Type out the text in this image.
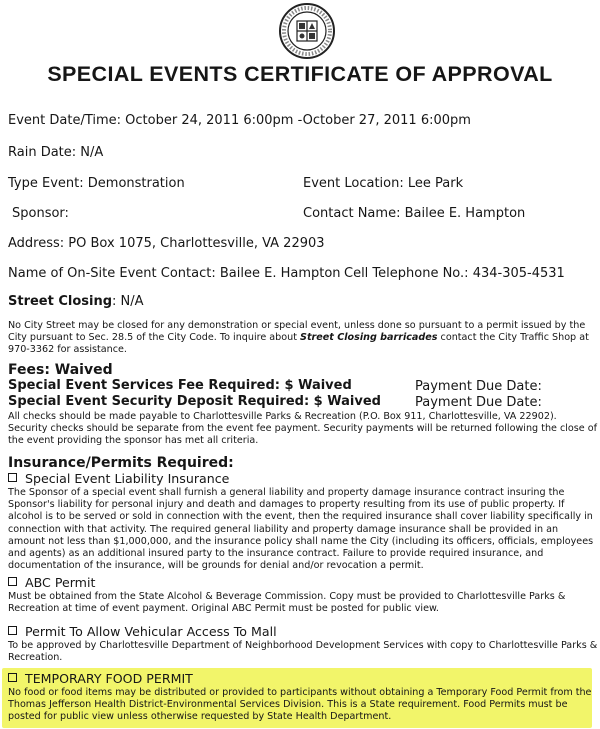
SPECIAL EVENTS CERTIFICATE OF APPROVAL
Event Date/Time: October 24, 2011 6:00pm -October 27, 2011 6:00pm
Rain Date: N/A
Type Event: Demonstration	Event Location: Lee Park
Sponsor:	Contact Name: Bailee E. Hampton
Address: PO Box 1075, Charlottesville, VA 22903
Name of On-Site Event Contact: Bailee E. Hampton Cell Telephone No.: 434-305-4531
Street Closing: N/A
No City Street may be closed for any demonstration or special event, unless done so pursuant to a permit issued by the City pursuant to Sec. 28.5 of the City Code. To inquire about Street Closing barricades contact the City Traffic Shop at 970-3362 for assistance.
Fees: Waived
Special Event Services Fee Required: $ Waived	Payment Due Date:
Special Event Security Deposit Required: $ Waived	Payment Due Date:
All checks should be made payable to Charlottesville Parks & Recreation (P.O. Box 911, Charlottesville, VA 22902). Security checks should be separate from the event fee payment. Security payments will be returned following the close of the event providing the sponsor has met all criteria.
Insurance/Permits Required:
Special Event Liability Insurance
The Sponsor of a special event shall furnish a general liability and property damage insurance contract insuring the Sponsor's liability for personal injury and death and damages to property resulting from its use of public property. If alcohol is to be served or sold in connection with the event, then the required insurance shall cover liability specifically in connection with that activity. The required general liability and property damage insurance shall be provided in an amount not less than $1,000,000, and the insurance policy shall name the City (including its officers, officials, employees and agents) as an additional insured party to the insurance contract. Failure to provide required insurance, and documentation of the insurance, will be grounds for denial and/or revocation a permit.
ABC Permit
Must be obtained from the State Alcohol & Beverage Commission. Copy must be provided to Charlottesville Parks & Recreation at time of event payment. Original ABC Permit must be posted for public view.
Permit To Allow Vehicular Access To Mall
To be approved by Charlottesville Department of Neighborhood Development Services with copy to Charlottesville Parks & Recreation.
TEMPORARY FOOD PERMIT
No food or food items may be distributed or provided to participants without obtaining a Temporary Food Permit from the Thomas Jefferson Health District-Environmental Services Division. This is a State requirement. Food Permits must be posted for public view unless otherwise requested by State Health Department.
